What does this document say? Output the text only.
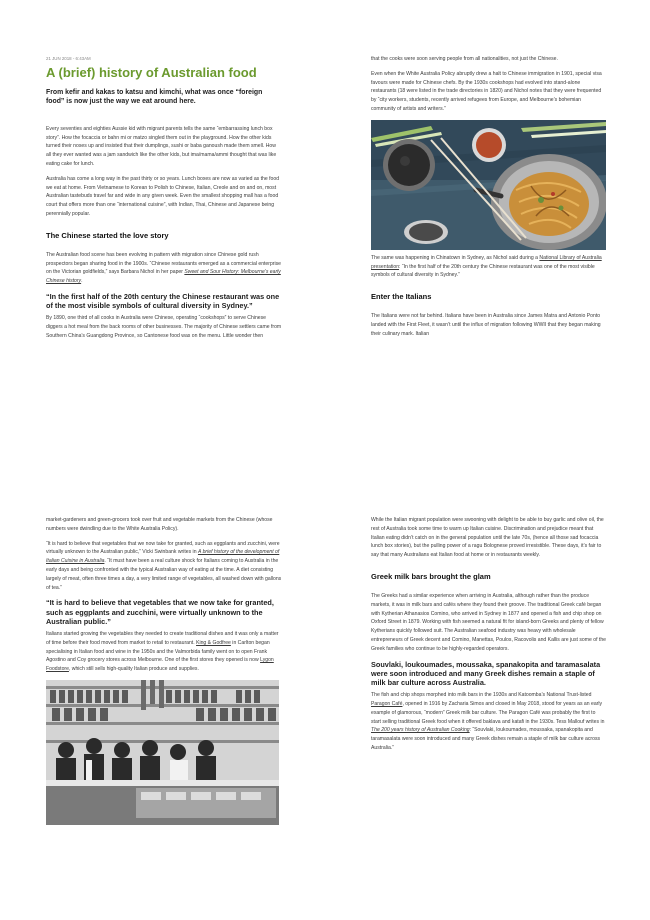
21 JUN 2018 - 6:43AM
A (brief) history of Australian food
From kefir and kakas to katsu and kimchi, what was once “foreign food” is now just the way we eat around here.

Every seventies and eighties Aussie kid with migrant parents tells the same “embarrassing lunch box story”. How the focaccia or bahn mi or matzo singled them out in the playground. How the other kids turned their noses up and insisted that their dumplings, sushi or baba ganoush made them smell. How all they ever wanted was a jam sandwich like the other kids, but ima/mama/ammi thought that was like eating cake for lunch.

Australia has come a long way in the past thirty or so years. Lunch boxes are now as varied as the food we eat at home. From Vietnamese to Korean to Polish to Chinese, Italian, Creole and on and on, most Australian tastebuds travel far and wide in any given week. Even the smallest shopping mall has a food court that offers more than one “international cuisine”, with Indian, Thai, Chinese and Japanese being perennially popular.

The Chinese started the love story

The Australian food scene has been evolving in pattern with migration since Chinese gold rush prospectors began sharing food in the 1900s. “Chinese restaurants emerged as a commercial enterprise on the Victorian goldfields,” says Barbara Nichol in her paper Sweet and Sour History: Melbourne’s early Chinese history.

“In the first half of the 20th century the Chinese restaurant was one of the most visible symbols of cultural diversity in Sydney.”

By 1890, one third of all cooks in Australia were Chinese, operating “cookshops” to serve Chinese diggers a hot meal from the back rooms of other businesses. The majority of Chinese settlers came from Southern China’s Guangdong Province, so Cantonese food was on the menu. Little wonder then

that the cooks were soon serving people from all nationalities, not just the Chinese.

Even when the White Australia Policy abruptly drew a halt to Chinese immigration in 1901, special visa favours were made for Chinese chefs. By the 1930s cookshops had evolved into stand-alone restaurants (18 were listed in the trade directories in 1820) and Nichol notes that they were frequented by “city workers, students, recently arrived refugees from Europe, and Melbourne’s bohemian community of artists and writers.”

The same was happening in Chinatown in Sydney, as Nichol said during a National Library of Australia presentation: “In the first half of the 20th century the Chinese restaurant was one of the most visible symbols of cultural diversity in Sydney.”

Enter the Italians

The Italians were not far behind. Italians have been in Australia since James Matra and Antonio Ponto landed with the First Fleet, it wasn’t until the influx of migration following WWII that they began making their culinary mark. Italian

market-gardeners and green-grocers took over fruit and vegetable markets from the Chinese (whose numbers were dwindling due to the White Australia Policy).

“It is hard to believe that vegetables that we now take for granted, such as eggplants and zucchini, were virtually unknown to the Australian public,” Vicki Swinbank writes in A brief history of the development of Italian Cuisine in Australia. “It must have been a real culture shock for Italians coming to Australia in the early days and being confronted with the typical Australian way of eating at the time. A diet consisting largely of meat, often three times a day, a very limited range of vegetables, all washed down with gallons of tea.”

“It is hard to believe that vegetables that we now take for granted, such as eggplants and zucchini, were virtually unknown to the Australian public.”

Italians started growing the vegetables they needed to create traditional dishes and it was only a matter of time before their food moved from market to retail to restaurant. King & Godfree in Carlton began specialising in Italian food and wine in the 1950s and the Valmorbida family went on to open Frank Agostino and Coy grocery stores across Melbourne. One of the first stores they opened is now Lygon Foodstore, which still sells high-quality Italian produce and supplies.

While the Italian migrant population were swooning with delight to be able to buy garlic and olive oil, the rest of Australia took some time to warm up Italian cuisine. Discrimination and prejudice meant that Italian eating didn’t catch on in the general population until the late 70s, (hence all those sad focaccia lunch box stories), but the pulling power of a ragu Bolognese proved irresistible. These days, it’s fair to say that many Australians eat Italian food at home or in restaurants weekly.

Greek milk bars brought the glam

The Greeks had a similar experience when arriving in Australia, although rather than the produce markets, it was in milk bars and cafés where they found their groove. The traditional Greek café began with Kytherian Athanasios Comino, who arrived in Sydney in 1877 and opened a fish and chip shop on Oxford Street in 1879. Working with fish seemed a natural fit for island-born Greeks and plenty of fellow Kytherians quickly followed suit. The Australian seafood industry was heavy with wholesale entrepreneurs of Greek decent and Comino, Manettas, Poulos, Racovolis and Kallis are just some of the Greek families who continue to be highly-regarded operators.

Souvlaki, loukoumades, moussaka, spanakopita and taramasalata were soon introduced and many Greek dishes remain a staple of milk bar culture across Australia.

The fish and chip shops morphed into milk bars in the 1930s and Katoomba’s National Trust-listed Paragon Café, opened in 1916 by Zacharia Simos and closed in May 2018, stood for years as an early example of glamorous, “modern” Greek milk bar culture. The Paragon Café was probably the first to start selling traditional Greek food when it offered baklava and katafi in the 1930s. Tess Mallouf writes in The 200 years history of Australian Cooking: “Souvlaki, loukoumades, moussaka, spanakopita and taramasalata were soon introduced and many Greek dishes remain a staple of milk bar culture across Australia.”
